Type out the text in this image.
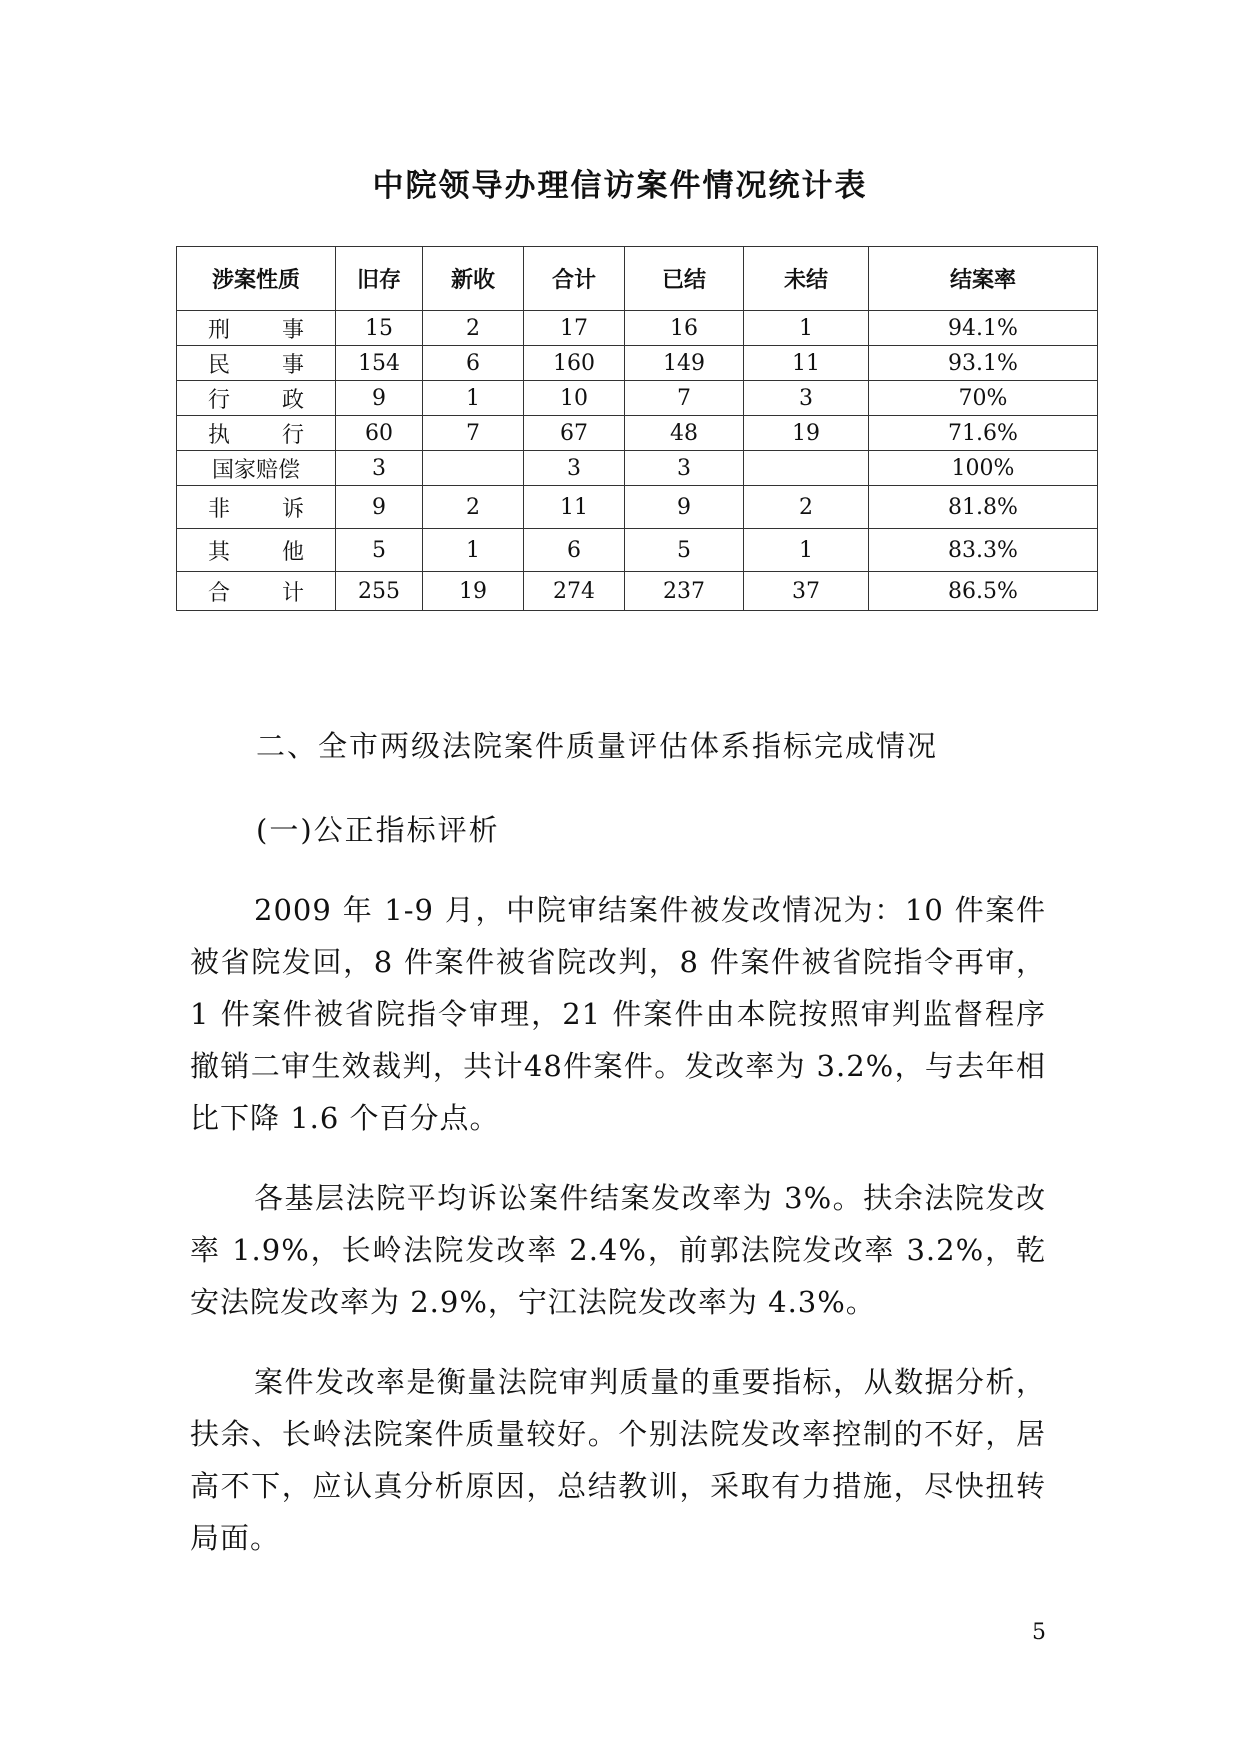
中院领导办理信访案件情况统计表
涉案性质	旧存	新收	合计	已结	未结	结案率

刑 事	15	2	17	16	1	94.1%

民 事	154	6	160	149	11	93.1%

行 政	9	1	10	7	3	70%

执 行	60	7	67	48	19	71.6%
国家赔偿	3		3	3		100%

非 诉	9	2	11	9	2	81.8%

其 他	5	1	6	5	1	83.3%

合 计	255	19	274	237	37	86.5%
二、全市两级法院案件质量评估体系指标完成情况
(一)公正指标评析
2009 年 1-9 月，中院审结案件被发改情况为：10 件案件被省院发回，8 件案件被省院改判，8 件案件被省院指令再审，1 件案件被省院指令审理，21 件案件由本院按照审判监督程序撤销二审生效裁判，共计48件案件。发改率为 3.2%，与去年相比下降 1.6 个百分点。
各基层法院平均诉讼案件结案发改率为 3%。扶余法院发改率 1.9%，长岭法院发改率 2.4%，前郭法院发改率 3.2%，乾安法院发改率为 2.9%，宁江法院发改率为 4.3%。
案件发改率是衡量法院审判质量的重要指标，从数据分析，扶余、长岭法院案件质量较好。个别法院发改率控制的不好，居高不下，应认真分析原因，总结教训，采取有力措施，尽快扭转局面。
5
